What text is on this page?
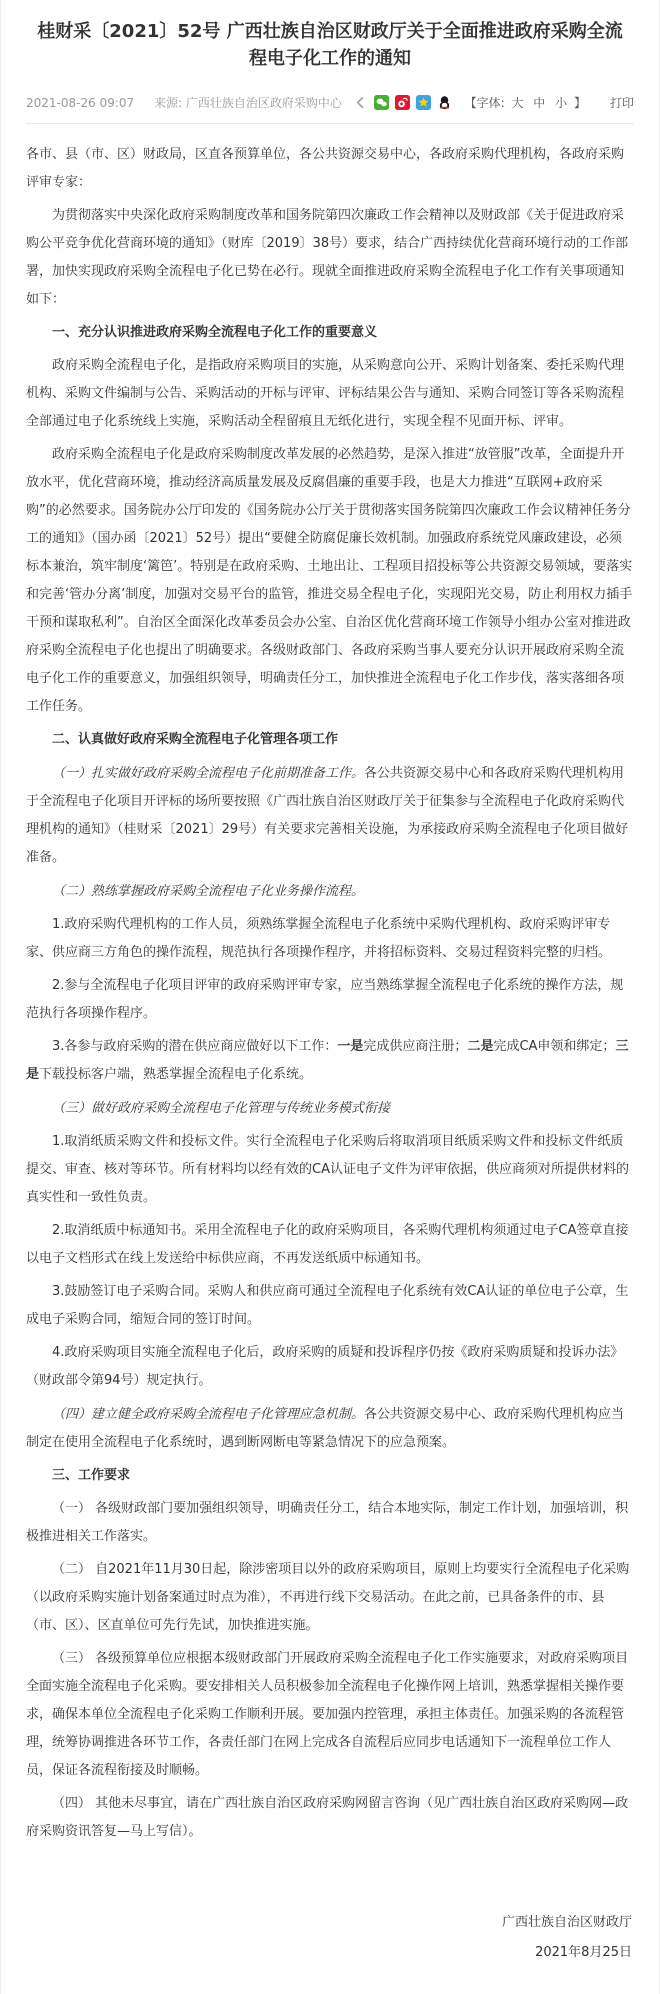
桂财采〔2021〕52号 广西壮族自治区财政厅关于全面推进政府采购全流程电子化工作的通知
2021-08-26 09:07 来源: 广西壮族自治区政府采购中心	【字体: 大 中 小 】 打印

各市、县（市、区）财政局，区直各预算单位，各公共资源交易中心，各政府采购代理机构，各政府采购评审专家：

为贯彻落实中央深化政府采购制度改革和国务院第四次廉政工作会精神以及财政部《关于促进政府采购公平竞争优化营商环境的通知》（财库〔2019〕38号）要求，结合广西持续优化营商环境行动的工作部署，加快实现政府采购全流程电子化已势在必行。现就全面推进政府采购全流程电子化工作有关事项通知如下：

一、充分认识推进政府采购全流程电子化工作的重要意义

政府采购全流程电子化，是指政府采购项目的实施，从采购意向公开、采购计划备案、委托采购代理机构、采购文件编制与公告、采购活动的开标与评审、评标结果公告与通知、采购合同签订等各采购流程全部通过电子化系统线上实施，采购活动全程留痕且无纸化进行，实现全程不见面开标、评审。

政府采购全流程电子化是政府采购制度改革发展的必然趋势，是深入推进“放管服”改革，全面提升开放水平，优化营商环境，推动经济高质量发展及反腐倡廉的重要手段，也是大力推进“互联网+政府采购”的必然要求。国务院办公厅印发的《国务院办公厅关于贯彻落实国务院第四次廉政工作会议精神任务分工的通知》（国办函〔2021〕52号）提出“要健全防腐促廉长效机制。加强政府系统党风廉政建设，必须标本兼治，筑牢制度‘篱笆’。特别是在政府采购、土地出让、工程项目招投标等公共资源交易领域，要落实和完善‘管办分离’制度，加强对交易平台的监管，推进交易全程电子化，实现阳光交易，防止利用权力插手干预和谋取私利”。自治区全面深化改革委员会办公室、自治区优化营商环境工作领导小组办公室对推进政府采购全流程电子化也提出了明确要求。各级财政部门、各政府采购当事人要充分认识开展政府采购全流电子化工作的重要意义，加强组织领导，明确责任分工，加快推进全流程电子化工作步伐，落实落细各项工作任务。

二、认真做好政府采购全流程电子化管理各项工作

（一）扎实做好政府采购全流程电子化前期准备工作。各公共资源交易中心和各政府采购代理机构用于全流程电子化项目开评标的场所要按照《广西壮族自治区财政厅关于征集参与全流程电子化政府采购代理机构的通知》（桂财采〔2021〕29号）有关要求完善相关设施，为承接政府采购全流程电子化项目做好准备。

（二）熟练掌握政府采购全流程电子化业务操作流程。

1.政府采购代理机构的工作人员，须熟练掌握全流程电子化系统中采购代理机构、政府采购评审专家、供应商三方角色的操作流程，规范执行各项操作程序，并将招标资料、交易过程资料完整的归档。

2.参与全流程电子化项目评审的政府采购评审专家，应当熟练掌握全流程电子化系统的操作方法，规范执行各项操作程序。

3.各参与政府采购的潜在供应商应做好以下工作：一是完成供应商注册；二是完成CA申领和绑定；三是下载投标客户端，熟悉掌握全流程电子化系统。

（三）做好政府采购全流程电子化管理与传统业务模式衔接

1.取消纸质采购文件和投标文件。实行全流程电子化采购后将取消项目纸质采购文件和投标文件纸质提交、审查、核对等环节。所有材料均以经有效的CA认证电子文件为评审依据，供应商须对所提供材料的真实性和一致性负责。

2.取消纸质中标通知书。采用全流程电子化的政府采购项目，各采购代理机构须通过电子CA签章直接以电子文档形式在线上发送给中标供应商，不再发送纸质中标通知书。

3.鼓励签订电子采购合同。采购人和供应商可通过全流程电子化系统有效CA认证的单位电子公章，生成电子采购合同，缩短合同的签订时间。

4.政府采购项目实施全流程电子化后，政府采购的质疑和投诉程序仍按《政府采购质疑和投诉办法》（财政部令第94号）规定执行。

（四）建立健全政府采购全流程电子化管理应急机制。各公共资源交易中心、政府采购代理机构应当制定在使用全流程电子化系统时，遇到断网断电等紧急情况下的应急预案。

三、工作要求

（一） 各级财政部门要加强组织领导，明确责任分工，结合本地实际，制定工作计划，加强培训，积极推进相关工作落实。

（二） 自2021年11月30日起，除涉密项目以外的政府采购项目，原则上均要实行全流程电子化采购（以政府采购实施计划备案通过时点为准），不再进行线下交易活动。在此之前，已具备条件的市、县（市、区）、区直单位可先行先试，加快推进实施。

（三） 各级预算单位应根据本级财政部门开展政府采购全流程电子化工作实施要求，对政府采购项目全面实施全流程电子化采购。要安排相关人员积极参加全流程电子化操作网上培训，熟悉掌握相关操作要求，确保本单位全流程电子化采购工作顺利开展。要加强内控管理，承担主体责任。加强采购的各流程管理，统筹协调推进各环节工作，各责任部门在网上完成各自流程后应同步电话通知下一流程单位工作人员，保证各流程衔接及时顺畅。

（四） 其他未尽事宜，请在广西壮族自治区政府采购网留言咨询（见广西壮族自治区政府采购网—政府采购资讯答复—马上写信）。

广西壮族自治区财政厅
2021年8月25日
